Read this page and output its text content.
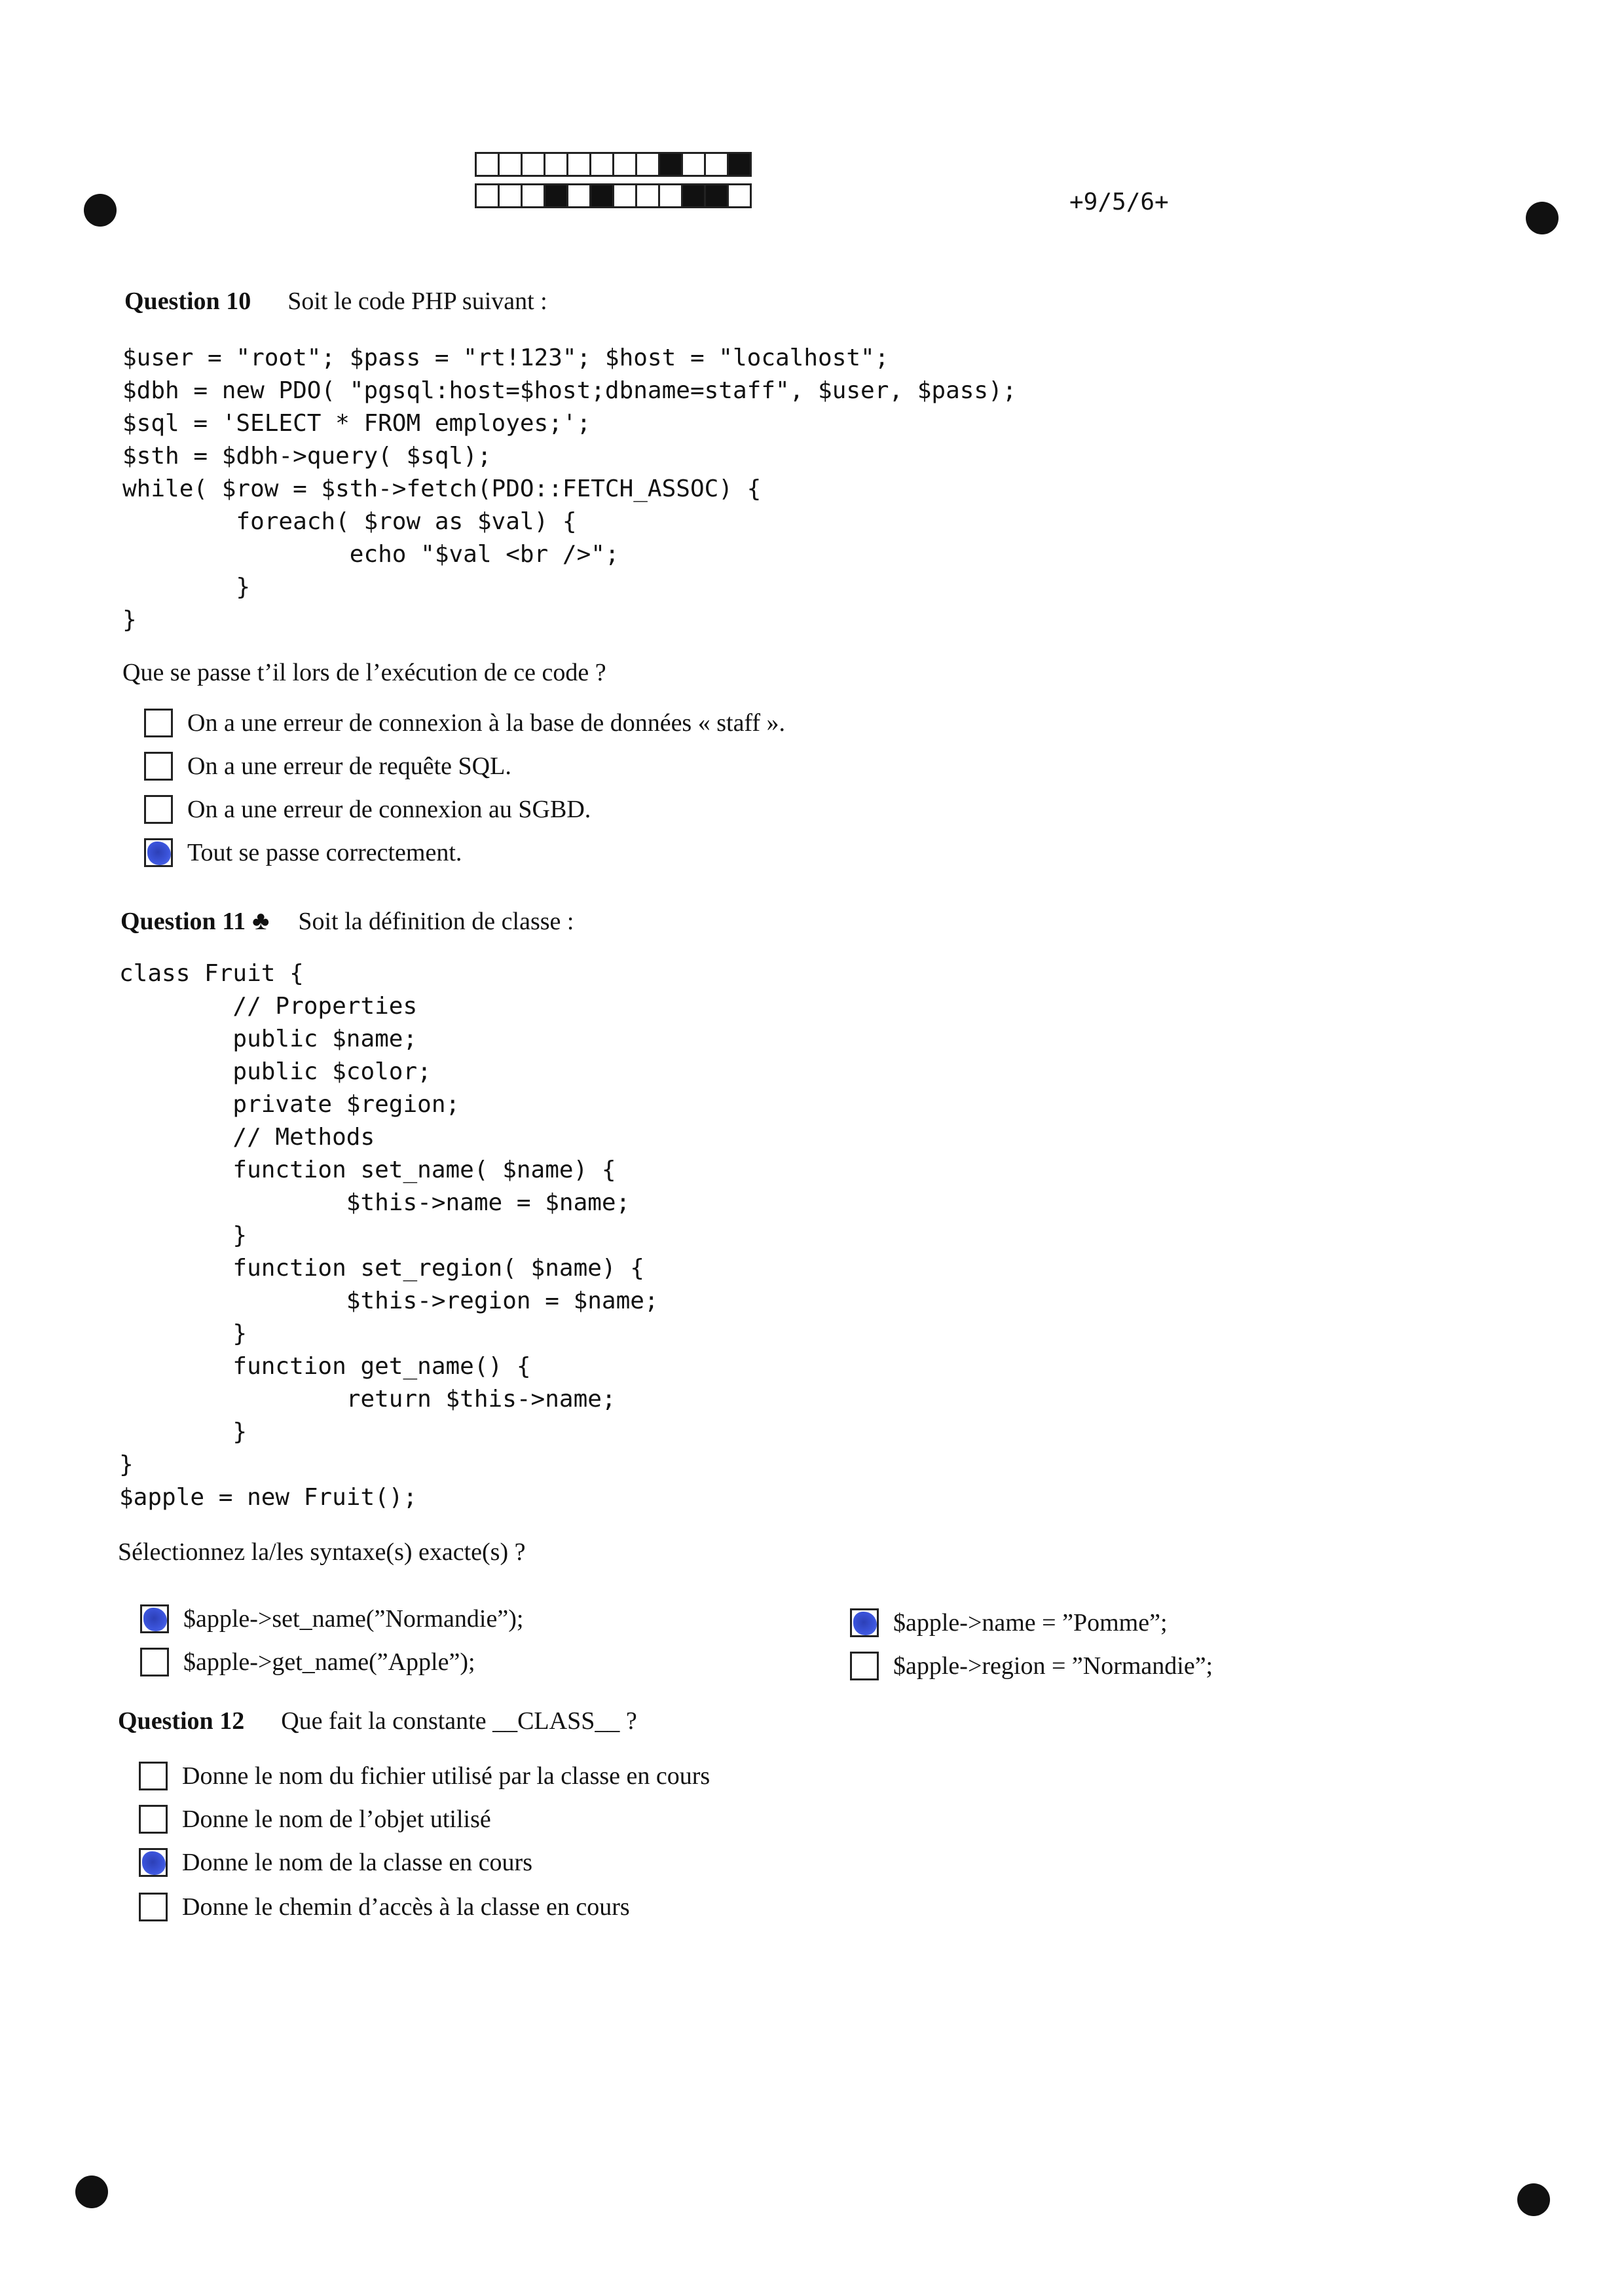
+9/5/6+
Question 10 Soit le code PHP suivant :
$user = "root"; $pass = "rt!123"; $host = "localhost";
$dbh = new PDO( "pgsql:host=$host;dbname=staff", $user, $pass);
$sql = 'SELECT * FROM employes;';
$sth = $dbh->query( $sql);
while( $row = $sth->fetch(PDO::FETCH_ASSOC) {
foreach( $row as $val) {
echo "$val <br />";
}
}
Que se passe t’il lors de l’exécution de ce code ?
On a une erreur de connexion à la base de données « staff ».
On a une erreur de requête SQL.
On a une erreur de connexion au SGBD.
Tout se passe correctement.
Question 11 ♣ Soit la définition de classe :
class Fruit {
// Properties
public $name;
public $color;
private $region;
// Methods
function set_name( $name) {
$this->name = $name;
}
function set_region( $name) {
$this->region = $name;
}
function get_name() {
return $this->name;
}
}
$apple = new Fruit();
Sélectionnez la/les syntaxe(s) exacte(s) ?
$apple->set_name(”Normandie”);
$apple->get_name(”Apple”);
$apple->name = ”Pomme”;
$apple->region = ”Normandie”;
Question 12 Que fait la constante __CLASS__ ?
Donne le nom du fichier utilisé par la classe en cours
Donne le nom de l’objet utilisé
Donne le nom de la classe en cours
Donne le chemin d’accès à la classe en cours
